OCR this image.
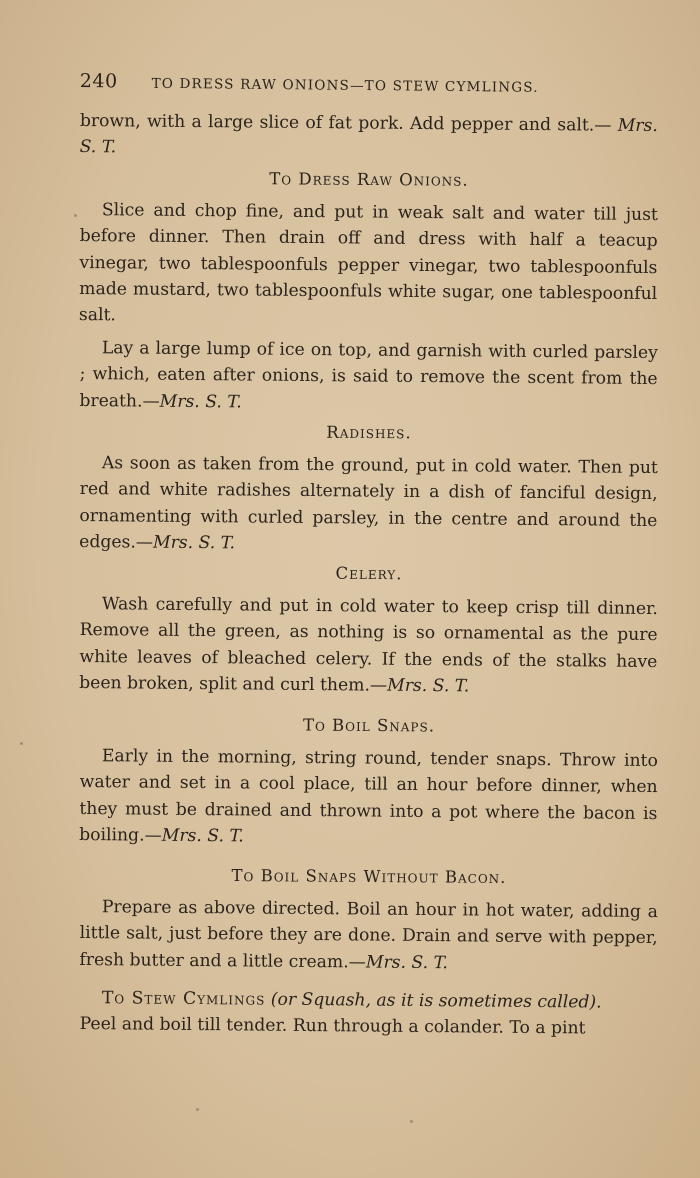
240	TO DRESS RAW ONIONS—TO STEW CYMLINGS.

brown, with a large slice of fat pork. Add pepper and salt.— Mrs. S. T.

To Dress Raw Onions.

Slice and chop fine, and put in weak salt and water till just before dinner. Then drain off and dress with half a teacup vinegar, two tablespoonfuls pepper vinegar, two tablespoonfuls made mustard, two tablespoonfuls white sugar, one tablespoonful salt.

Lay a large lump of ice on top, and garnish with curled parsley ; which, eaten after onions, is said to remove the scent from the breath.—Mrs. S. T.

Radishes.

As soon as taken from the ground, put in cold water. Then put red and white radishes alternately in a dish of fanciful design, ornamenting with curled parsley, in the centre and around the edges.—Mrs. S. T.

Celery.

Wash carefully and put in cold water to keep crisp till dinner. Remove all the green, as nothing is so ornamental as the pure white leaves of bleached celery. If the ends of the stalks have been broken, split and curl them.—Mrs. S. T.

To Boil Snaps.

Early in the morning, string round, tender snaps. Throw into water and set in a cool place, till an hour before dinner, when they must be drained and thrown into a pot where the bacon is boiling.—Mrs. S. T.

To Boil Snaps Without Bacon.

Prepare as above directed. Boil an hour in hot water, adding a little salt, just before they are done. Drain and serve with pepper, fresh butter and a little cream.—Mrs. S. T.

To Stew Cymlings (or Squash, as it is sometimes called).
Peel and boil till tender. Run through a colander. To a pint
